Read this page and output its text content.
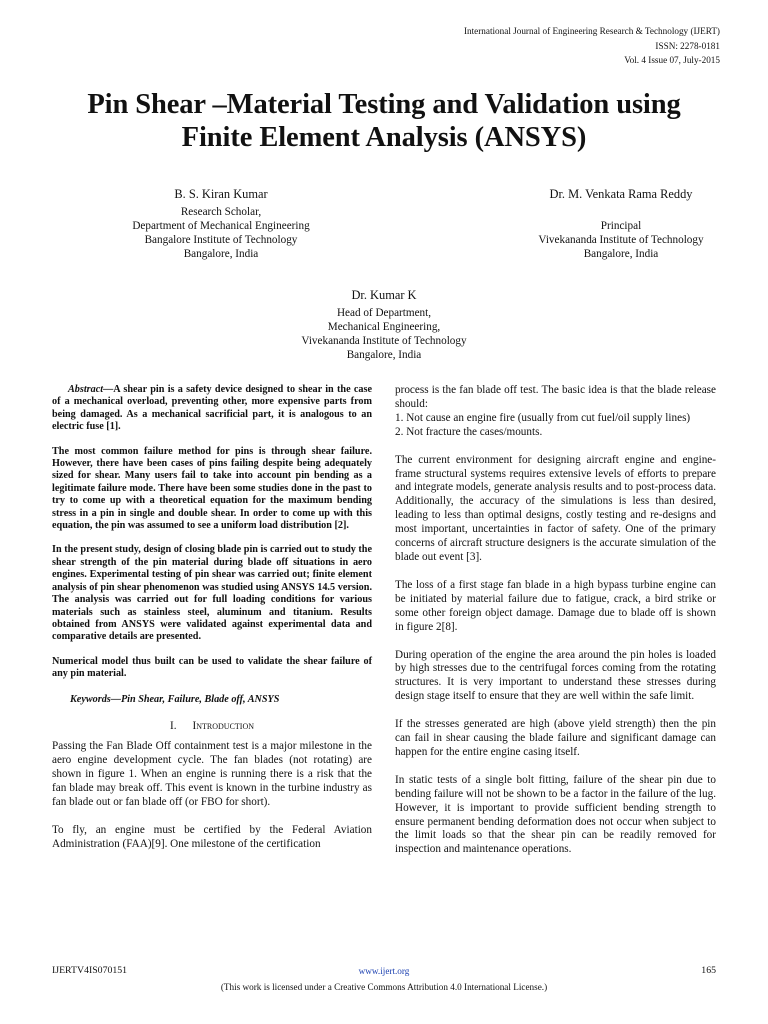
International Journal of Engineering Research & Technology (IJERT)
ISSN: 2278-0181
Vol. 4 Issue 07, July-2015
Pin Shear –Material Testing and Validation using
Finite Element Analysis (ANSYS)
B. S. Kiran Kumar
Research Scholar,
Department of Mechanical Engineering
Bangalore Institute of Technology
Bangalore, India
Dr. M. Venkata Rama Reddy
Principal
Vivekananda Institute of Technology
Bangalore, India
Dr. Kumar K
Head of Department,
Mechanical Engineering,
Vivekananda Institute of Technology
Bangalore, India

Abstract—A shear pin is a safety device designed to shear in the case of a mechanical overload, preventing other, more expensive parts from being damaged. As a mechanical sacrificial part, it is analogous to an electric fuse [1].

The most common failure method for pins is through shear failure. However, there have been cases of pins failing despite being adequately sized for shear. Many users fail to take into account pin bending as a legitimate failure mode. There have been some studies done in the past to try to come up with a theoretical equation for the maximum bending stress in a pin in single and double shear. In order to come up with this equation, the pin was assumed to see a uniform load distribution [2].

In the present study, design of closing blade pin is carried out to study the shear strength of the pin material during blade off situations in aero engines. Experimental testing of pin shear was carried out; finite element analysis of pin shear phenomenon was studied using ANSYS 14.5 version. The analysis was carried out for full loading conditions for various materials such as stainless steel, aluminum and titanium. Results obtained from ANSYS were validated against experimental data and comparative details are presented.

Numerical model thus built can be used to validate the shear failure of any pin material.

Keywords—Pin Shear, Failure, Blade off, ANSYS

I. Introduction

Passing the Fan Blade Off containment test is a major milestone in the aero engine development cycle. The fan blades (not rotating) are shown in figure 1. When an engine is running there is a risk that the fan blade may break off. This event is known in the turbine industry as fan blade out or fan blade off (or FBO for short).

To fly, an engine must be certified by the Federal Aviation Administration (FAA)[9]. One milestone of the certification

process is the fan blade off test. The basic idea is that the blade release should:

1. Not cause an engine fire (usually from cut fuel/oil supply lines)

2. Not fracture the cases/mounts.

The current environment for designing aircraft engine and engine-frame structural systems requires extensive levels of efforts to prepare and integrate models, generate analysis results and to post-process data. Additionally, the accuracy of the simulations is less than desired, leading to less than optimal designs, costly testing and re-designs and most important, uncertainties in factor of safety. One of the primary concerns of aircraft structure designers is the accurate simulation of the blade out event [3].

The loss of a first stage fan blade in a high bypass turbine engine can be initiated by material failure due to fatigue, crack, a bird strike or some other foreign object damage. Damage due to blade off is shown in figure 2[8].

During operation of the engine the area around the pin holes is loaded by high stresses due to the centrifugal forces coming from the rotating structures. It is very important to understand these stresses during design stage itself to ensure that they are well within the safe limit.

If the stresses generated are high (above yield strength) then the pin can fail in shear causing the blade failure and significant damage can happen for the entire engine casing itself.

In static tests of a single bolt fitting, failure of the shear pin due to bending failure will not be shown to be a factor in the failure of the lug. However, it is important to provide sufficient bending strength to ensure permanent bending deformation does not occur when subject to the limit loads so that the shear pin can be readily removed for inspection and maintenance operations.

IJERTV4IS070151	www.ijert.org	165
(This work is licensed under a Creative Commons Attribution 4.0 International License.)
